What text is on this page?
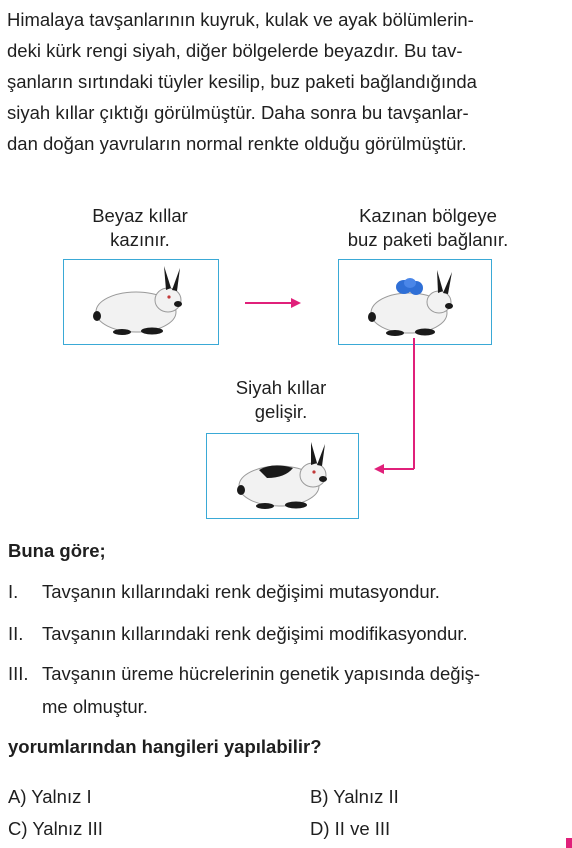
Himalaya tavşanlarının kuyruk, kulak ve ayak bölümlerin-
deki kürk rengi siyah, diğer bölgelerde beyazdır. Bu tav-
şanların sırtındaki tüyler kesilip, buz paketi bağlandığında
siyah kıllar çıktığı görülmüştür. Daha sonra bu tavşanlar-
dan doğan yavruların normal renkte olduğu görülmüştür.
Beyaz kıllar
kazınır.
Kazınan bölgeye
buz paketi bağlanır.
Siyah kıllar
gelişir.
Buna göre;
I. Tavşanın kıllarındaki renk değişimi mutasyondur.
II. Tavşanın kıllarındaki renk değişimi modifikasyondur.
III. Tavşanın üreme hücrelerinin genetik yapısında değiş-
me olmuştur.
yorumlarından hangileri yapılabilir?
A) Yalnız I	B) Yalnız II
C) Yalnız III	D) II ve III
